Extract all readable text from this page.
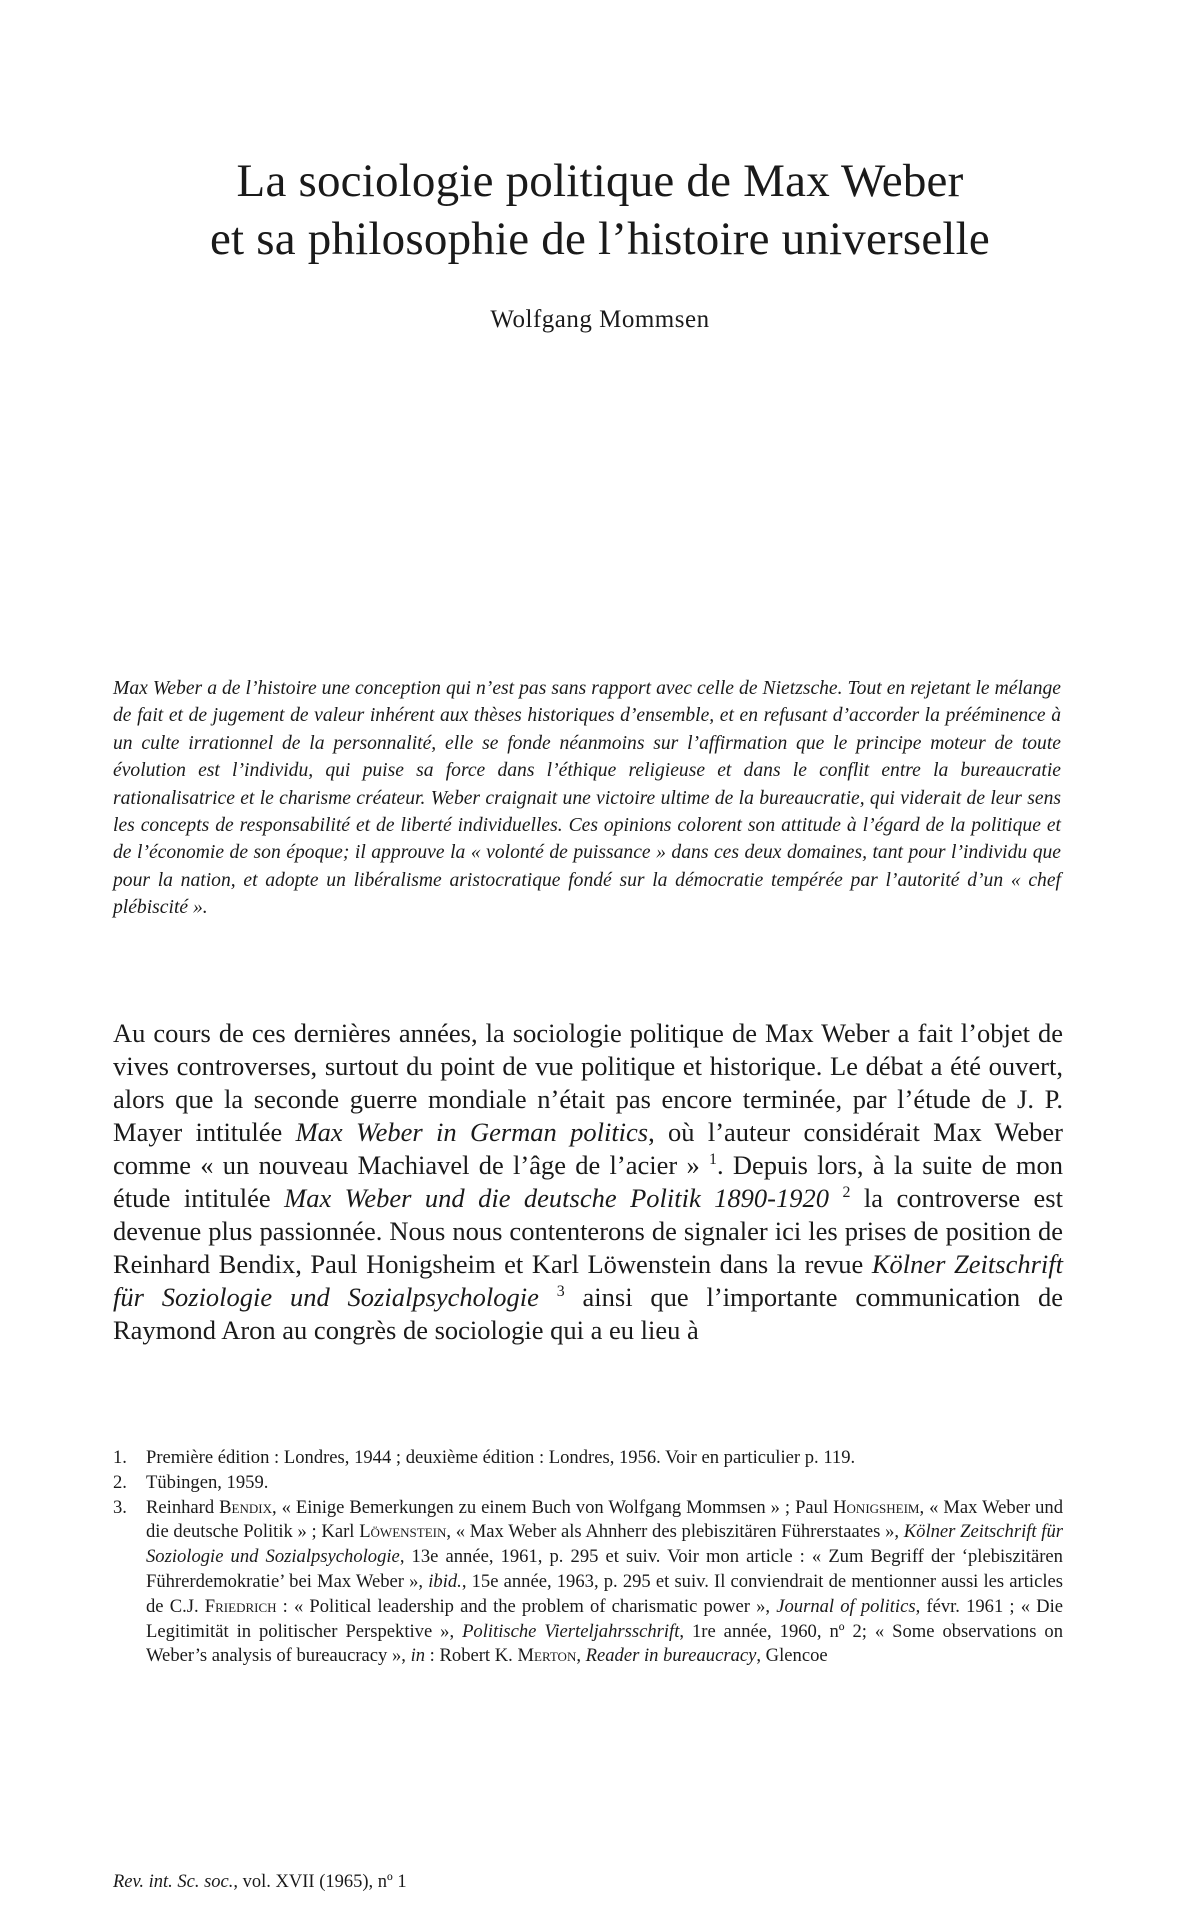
La sociologie politique de Max Weber
et sa philosophie de l’histoire universelle
Wolfgang Mommsen

Max Weber a de l’histoire une conception qui n’est pas sans rapport avec celle de Nietzsche. Tout en rejetant le mélange de fait et de jugement de valeur inhérent aux thèses historiques d’ensemble, et en refusant d’accorder la prééminence à un culte irrationnel de la personnalité, elle se fonde néanmoins sur l’affirmation que le principe moteur de toute évolution est l’individu, qui puise sa force dans l’éthique religieuse et dans le conflit entre la bureaucratie rationalisatrice et le charisme créateur. Weber craignait une victoire ultime de la bureaucratie, qui viderait de leur sens les concepts de responsabilité et de liberté individuelles. Ces opinions colorent son attitude à l’égard de la politique et de l’économie de son époque; il approuve la « volonté de puissance » dans ces deux domaines, tant pour l’individu que pour la nation, et adopte un libéralisme aristocratique fondé sur la démocratie tempérée par l’autorité d’un « chef plébiscité ».

Au cours de ces dernières années, la sociologie politique de Max Weber a fait l’objet de vives controverses, surtout du point de vue politique et historique. Le débat a été ouvert, alors que la seconde guerre mondiale n’était pas encore terminée, par l’étude de J. P. Mayer intitulée Max Weber in German politics, où l’auteur considérait Max Weber comme « un nouveau Machiavel de l’âge de l’acier » $^1$. Depuis lors, à la suite de mon étude intitulée Max Weber und die deutsche Politik 1890-1920 $^2$ la controverse est devenue plus passionnée. Nous nous contenterons de signaler ici les prises de position de Reinhard Bendix, Paul Honigsheim et Karl Löwenstein dans la revue Kölner Zeitschrift für Soziologie und Sozialpsychologie $^3$ ainsi que l’importante communication de Raymond Aron au congrès de sociologie qui a eu lieu à

1. Première édition : Londres, 1944 ; deuxième édition : Londres, 1956. Voir en particulier p. 119.
2. Tübingen, 1959.
3. Reinhard Bendix, « Einige Bemerkungen zu einem Buch von Wolfgang Mommsen » ; Paul Honigsheim, « Max Weber und die deutsche Politik » ; Karl Löwenstein, « Max Weber als Ahnherr des plebiszitären Führerstaates », Kölner Zeitschrift für Soziologie und Sozialpsychologie, 13e année, 1961, p. 295 et suiv. Voir mon article : « Zum Begriff der ‘plebiszitären Führerdemokratie’ bei Max Weber », ibid., 15e année, 1963, p. 295 et suiv. Il conviendrait de mentionner aussi les articles de C.J. Friedrich : « Political leadership and the problem of charismatic power », Journal of politics, févr. 1961 ; « Die Legitimität in politischer Perspektive », Politische Vierteljahrsschrift, 1re année, 1960, nº 2; « Some observations on Weber’s analysis of bureaucracy », in : Robert K. Merton, Reader in bureaucracy, Glencoe
Rev. int. Sc. soc., vol. XVII (1965), nº 1
